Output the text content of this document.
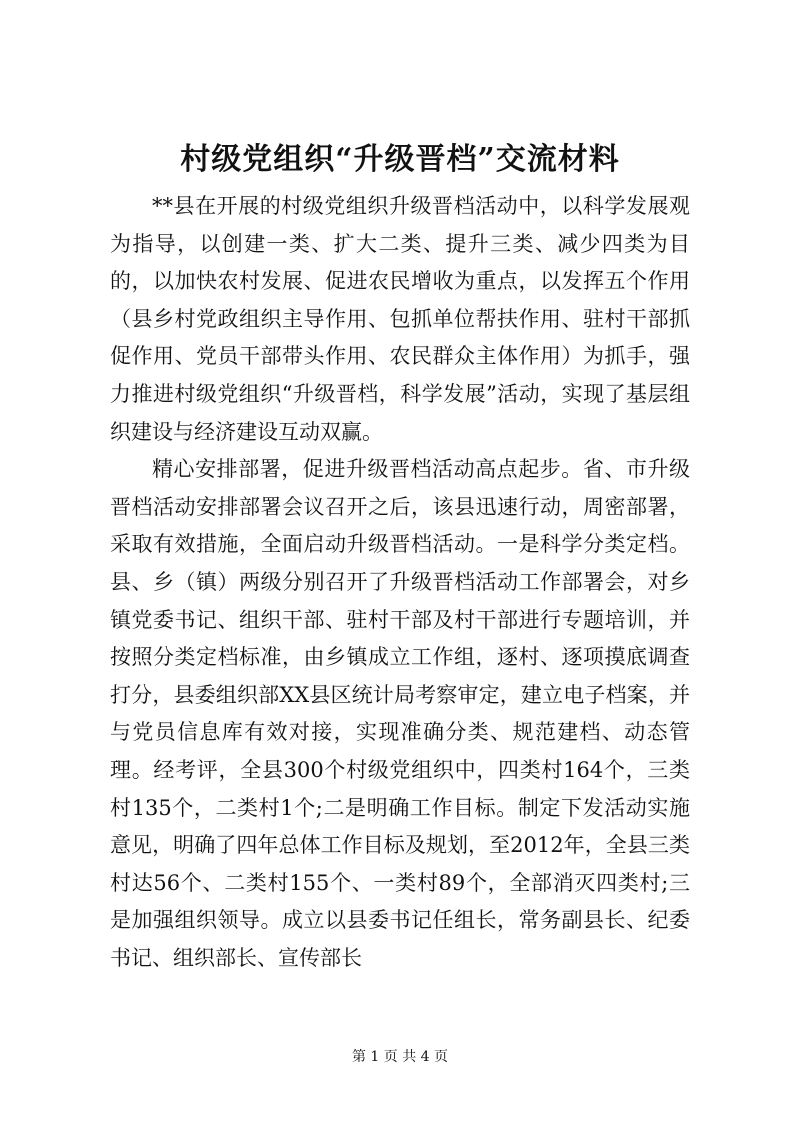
村级党组织“升级晋档”交流材料

**县在开展的村级党组织升级晋档活动中，以科学发展观为指导，以创建一类、扩大二类、提升三类、减少四类为目的，以加快农村发展、促进农民增收为重点，以发挥五个作用（县乡村党政组织主导作用、包抓单位帮扶作用、驻村干部抓促作用、党员干部带头作用、农民群众主体作用）为抓手，强力推进村级党组织“升级晋档，科学发展”活动，实现了基层组织建设与经济建设互动双赢。

精心安排部署，促进升级晋档活动高点起步。省、市升级晋档活动安排部署会议召开之后，该县迅速行动，周密部署，采取有效措施，全面启动升级晋档活动。一是科学分类定档。县、乡（镇）两级分别召开了升级晋档活动工作部署会，对乡镇党委书记、组织干部、驻村干部及村干部进行专题培训，并按照分类定档标准，由乡镇成立工作组，逐村、逐项摸底调查打分，县委组织部XX县区统计局考察审定，建立电子档案，并与党员信息库有效对接，实现准确分类、规范建档、动态管理。经考评，全县300个村级党组织中，四类村164个，三类村135个，二类村1个;二是明确工作目标。制定下发活动实施意见，明确了四年总体工作目标及规划，至2012年，全县三类村达56个、二类村155个、一类村89个，全部消灭四类村;三是加强组织领导。成立以县委书记任组长，常务副县长、纪委书记、组织部长、宣传部长

第 1 页 共 4 页
